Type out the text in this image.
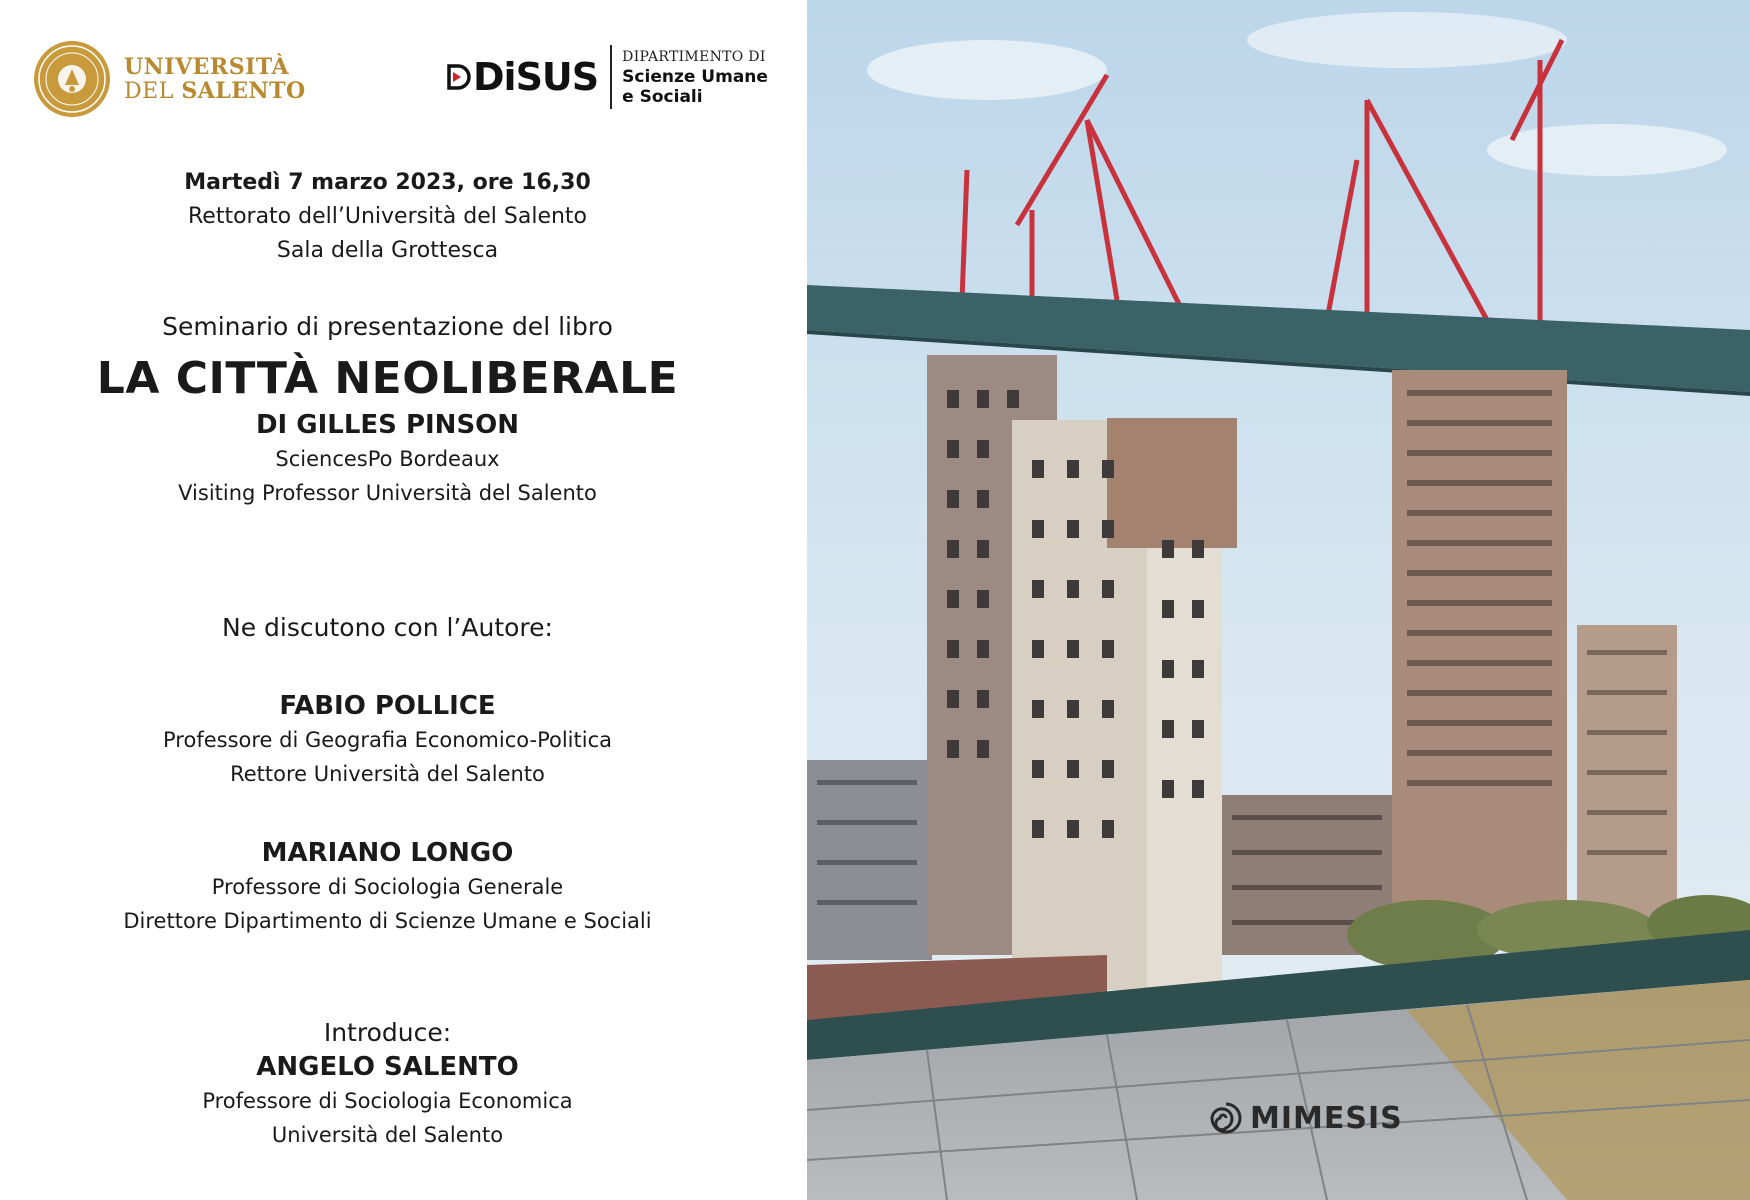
UNIVERSITÀ
DEL SALENTO	DiSUS DIPARTIMENTO DI
Scienze Umane
e Sociali
Martedì 7 marzo 2023, ore 16,30
Rettorato dell’Università del Salento
Sala della Grottesca
Seminario di presentazione del libro
LA CITTÀ NEOLIBERALE
DI GILLES PINSON
SciencesPo Bordeaux
Visiting Professor Università del Salento
Ne discutono con l’Autore:
FABIO POLLICE
Professore di Geografia Economico-Politica
Rettore Università del Salento
MARIANO LONGO
Professore di Sociologia Generale
Direttore Dipartimento di Scienze Umane e Sociali
Introduce:
ANGELO SALENTO
Professore di Sociologia Economica
Università del Salento	MIMESIS
